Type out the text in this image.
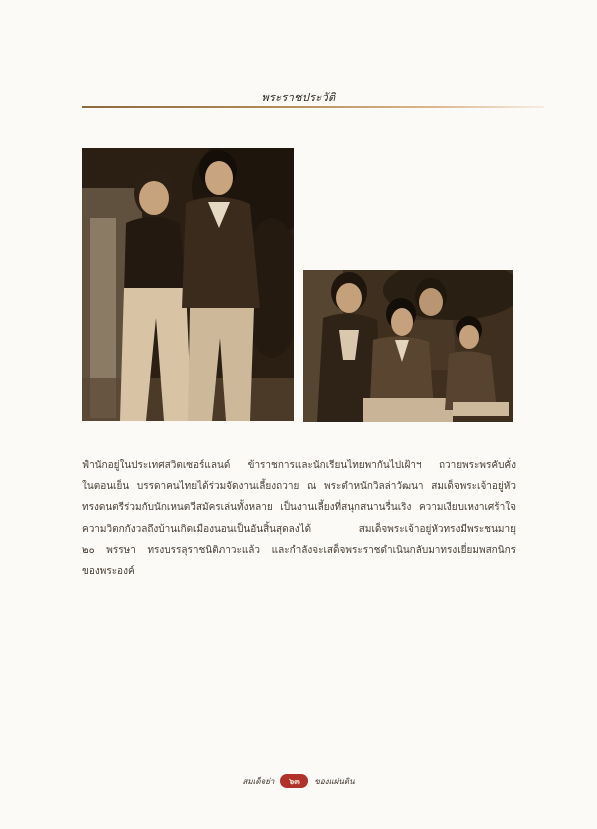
พระราชประวัติ
ฟำนักอยู่ในประเทศสวิตเซอร์แลนด์ ข้าราชการและนักเรียนไทยพากันไปเฝ้าฯ ถวายพระพรคับคั่ง
ในตอนเย็น บรรดาคนไทยได้ร่วมจัดงานเลี้ยงถวาย ณ พระตำหนักวิลล่าวัฒนา สมเด็จพระเจ้าอยู่หัว
ทรงดนตรีร่วมกับนักเหนตวีสมัครเล่นทั้งหลาย เป็นงานเลี้ยงที่สนุกสนานรื่นเริง ความเงียบเหงาเศร้าใจ
ความวิตกกังวลถึงบ้านเกิดเมืองนอนเป็นอันสิ้นสุดลงได้ สมเด็จพระเจ้าอยู่หัวทรงมีพระชนมายุ
๒๐ พรรษา ทรงบรรลุราชนิติภาวะแล้ว และกำลังจะเสด็จพระราชดำเนินกลับมาทรงเยี่ยมพสกนิกร
ของพระองค์
สมเด็จย่า	๖๓	ของแผ่นดิน
